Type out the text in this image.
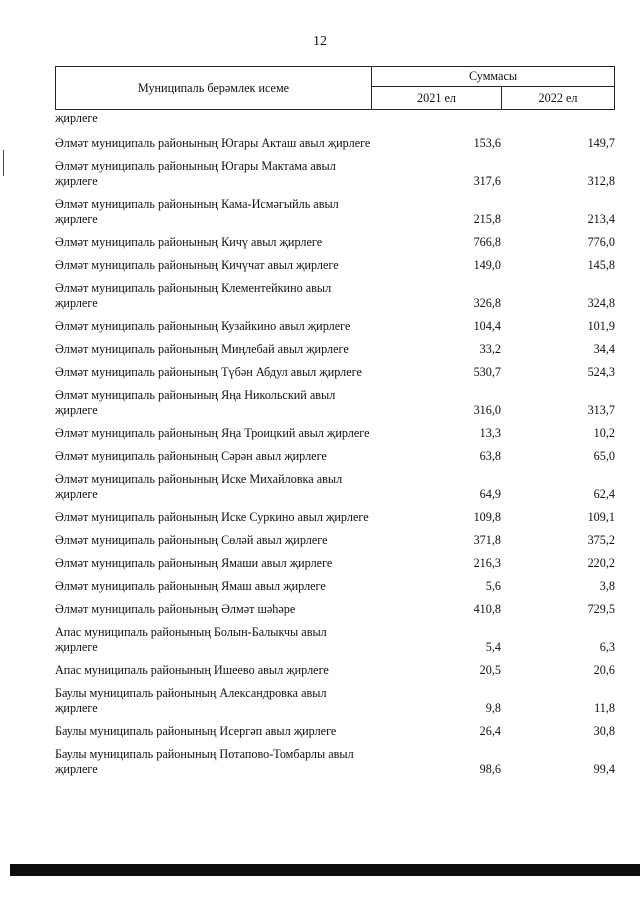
12
Муниципаль берәмлек исеме
Суммасы
2021 ел	2022 ел
җирлеге
Әлмәт муниципаль районының Югары Акташ авыл җирлеге	153,6	149,7
Әлмәт муниципаль районының Югары Мактама авыл җирлеге	317,6	312,8
Әлмәт муниципаль районының Кама-Исмәгыйль авыл җирлеге	215,8	213,4
Әлмәт муниципаль районының Кичү авыл җирлеге	766,8	776,0
Әлмәт муниципаль районының Кичүчат авыл җирлеге	149,0	145,8
Әлмәт муниципаль районының Клементейкино авыл җирлеге	326,8	324,8
Әлмәт муниципаль районының Кузайкино авыл җирлеге	104,4	101,9
Әлмәт муниципаль районының Миңлебай авыл җирлеге	33,2	34,4
Әлмәт муниципаль районының Түбән Абдул авыл җирлеге	530,7	524,3
Әлмәт муниципаль районының Яңа Никольский авыл җирлеге	316,0	313,7
Әлмәт муниципаль районының Яңа Троицкий авыл җирлеге	13,3	10,2
Әлмәт муниципаль районының Сәрән авыл җирлеге	63,8	65,0
Әлмәт муниципаль районының Иске Михайловка авыл җирлеге	64,9	62,4
Әлмәт муниципаль районының Иске Суркино авыл җирлеге	109,8	109,1
Әлмәт муниципаль районының Сөләй авыл җирлеге	371,8	375,2
Әлмәт муниципаль районының Ямаши авыл җирлеге	216,3	220,2
Әлмәт муниципаль районының Ямаш авыл җирлеге	5,6	3,8
Әлмәт муниципаль районының Әлмәт шәһәре	410,8	729,5
Апас муниципаль районының Болын-Балыкчы авыл җирлеге	5,4	6,3
Апас муниципаль районының Ишеево авыл җирлеге	20,5	20,6
Баулы муниципаль районының Александровка авыл җирлеге	9,8	11,8
Баулы муниципаль районының Исергәп авыл җирлеге	26,4	30,8
Баулы муниципаль районының Потапово-Томбарлы авыл җирлеге	98,6	99,4
